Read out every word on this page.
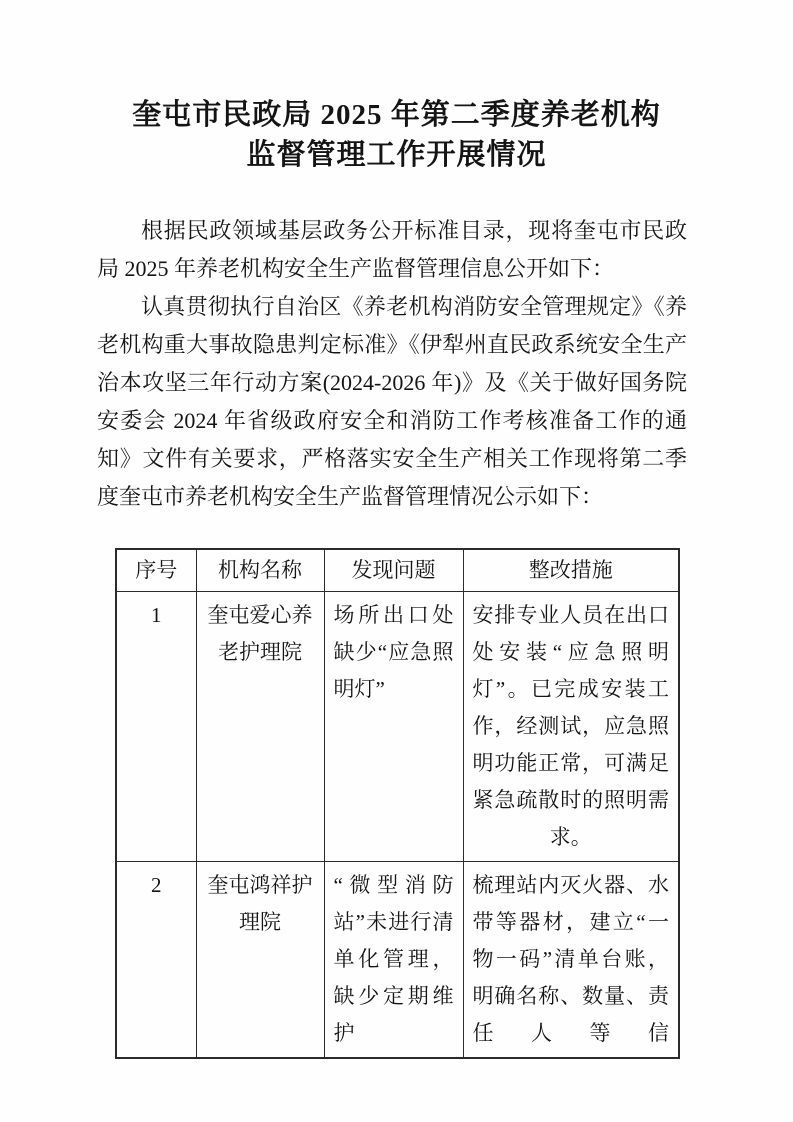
奎屯市民政局 2025 年第二季度养老机构
监督管理工作开展情况

根据民政领域基层政务公开标准目录，现将奎屯市民政局 2025 年养老机构安全生产监督管理信息公开如下：

认真贯彻执行自治区《养老机构消防安全管理规定》《养老机构重大事故隐患判定标准》《伊犁州直民政系统安全生产治本攻坚三年行动方案(2024-2026 年)》及《关于做好国务院安委会 2024 年省级政府安全和消防工作考核准备工作的通知》文件有关要求，严格落实安全生产相关工作现将第二季度奎屯市养老机构安全生产监督管理情况公示如下：

序号	机构名称	发现问题	整改措施
1	奎屯爱心养老护理院	场所出口处缺少“应急照明灯”	安排专业人员在出口处安装“应急照明灯”。已完成安装工作，经测试，应急照明功能正常，可满足紧急疏散时的照明需求。
2	奎屯鸿祥护理院	“微型消防站”未进行清单化管理，缺少定期维护	梳理站内灭火器、水带等器材，建立“一物一码”清单台账，明确名称、数量、责任人等信
